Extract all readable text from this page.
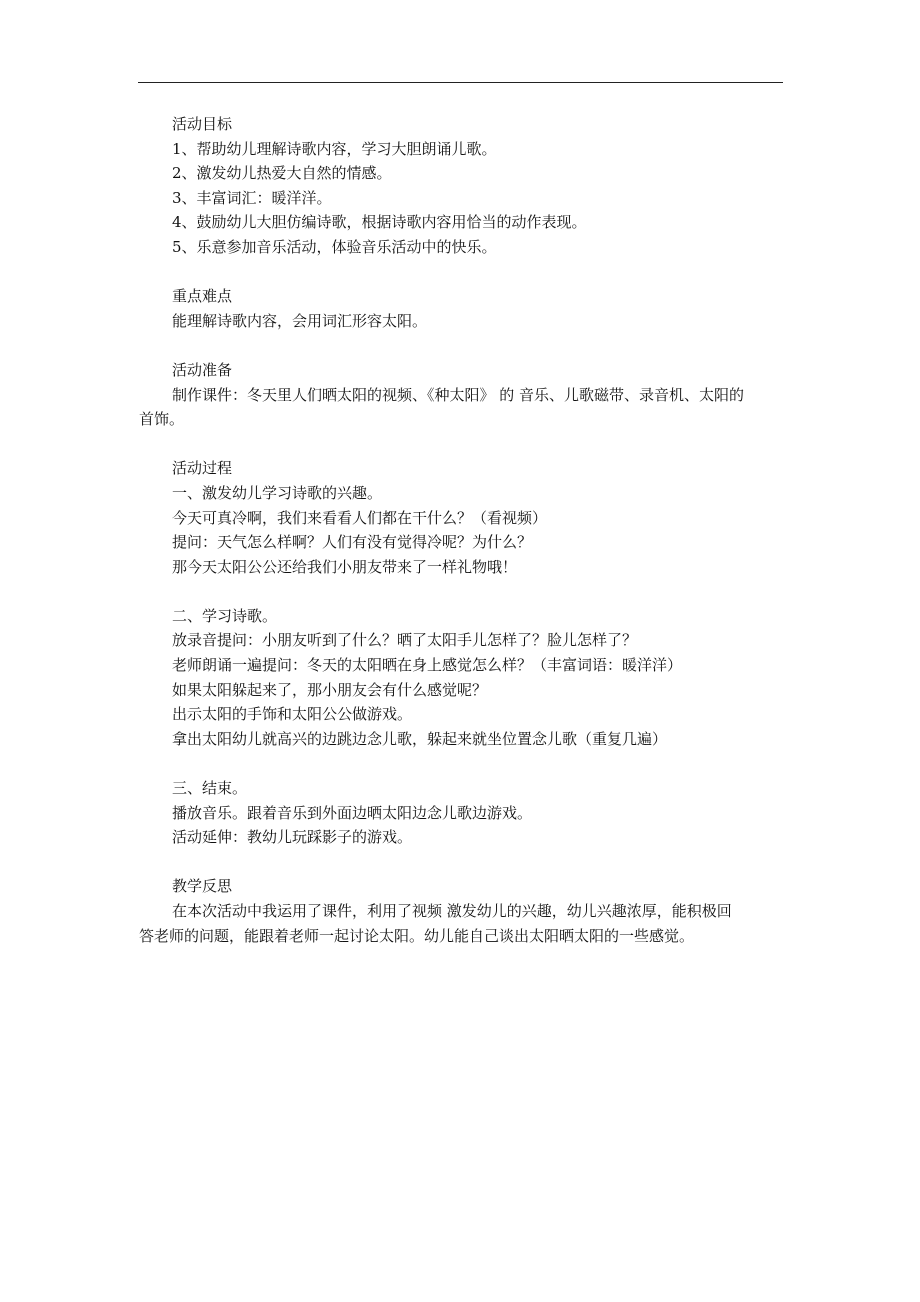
活动目标
1、帮助幼儿理解诗歌内容，学习大胆朗诵儿歌。
2、激发幼儿热爱大自然的情感。
3、丰富词汇：暖洋洋。
4、鼓励幼儿大胆仿编诗歌，根据诗歌内容用恰当的动作表现。
5、乐意参加音乐活动，体验音乐活动中的快乐。
重点难点
能理解诗歌内容，会用词汇形容太阳。
活动准备
制作课件：冬天里人们晒太阳的视频、《种太阳》 的 音乐、儿歌磁带、录音机、太阳的
首饰。
活动过程
一、激发幼儿学习诗歌的兴趣。
今天可真冷啊，我们来看看人们都在干什么？（看视频）
提问：天气怎么样啊？人们有没有觉得冷呢？为什么？
那今天太阳公公还给我们小朋友带来了一样礼物哦！
二、学习诗歌。
放录音提问：小朋友听到了什么？晒了太阳手儿怎样了？脸儿怎样了？
老师朗诵一遍提问：冬天的太阳晒在身上感觉怎么样？（丰富词语：暖洋洋）
如果太阳躲起来了，那小朋友会有什么感觉呢？
出示太阳的手饰和太阳公公做游戏。
拿出太阳幼儿就高兴的边跳边念儿歌，躲起来就坐位置念儿歌（重复几遍）
三、结束。
播放音乐。跟着音乐到外面边晒太阳边念儿歌边游戏。
活动延伸：教幼儿玩踩影子的游戏。
教学反思
在本次活动中我运用了课件，利用了视频 激发幼儿的兴趣，幼儿兴趣浓厚，能积极回
答老师的问题，能跟着老师一起讨论太阳。幼儿能自己谈出太阳晒太阳的一些感觉。
